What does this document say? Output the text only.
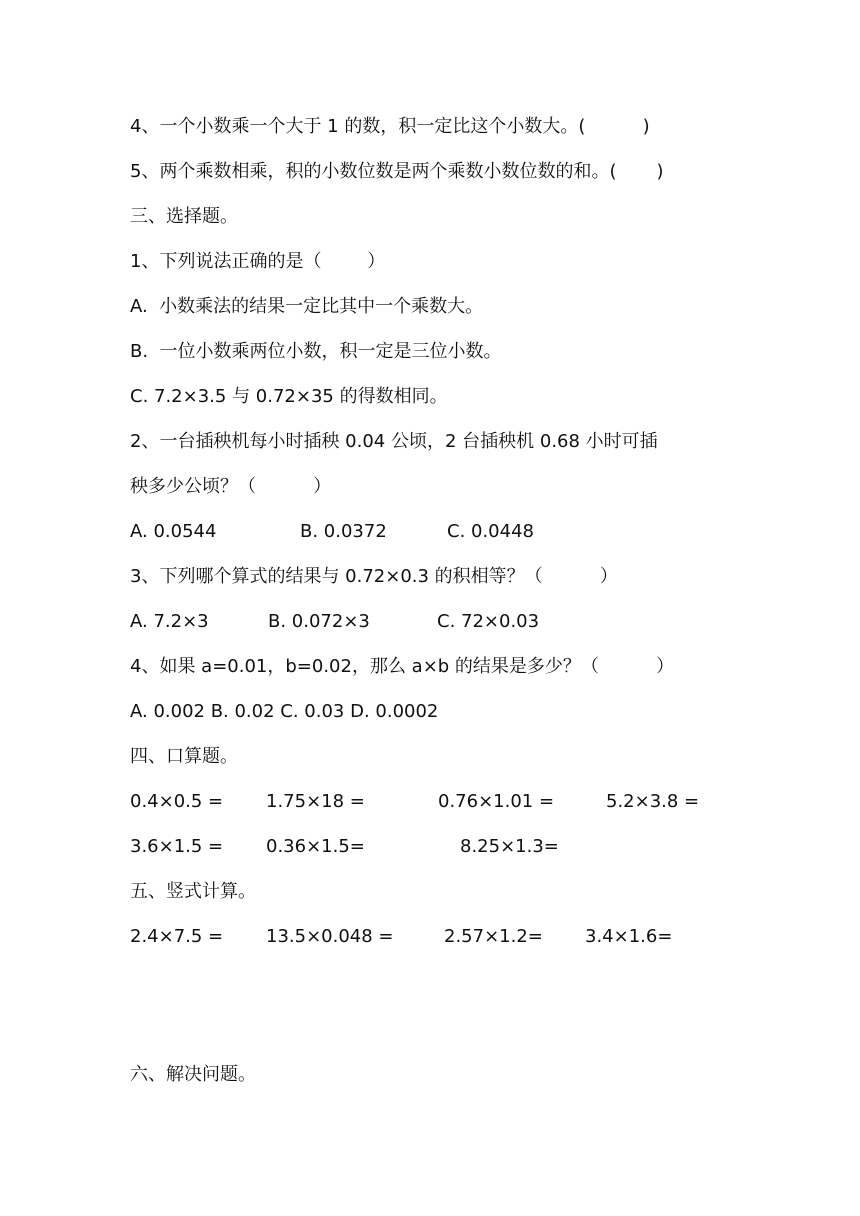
4、一个小数乘一个大于 1 的数，积一定比这个小数大。(          )
5、两个乘数相乘，积的小数位数是两个乘数小数位数的和。(       )
三、选择题。
1、下列说法正确的是（        ）
A.  小数乘法的结果一定比其中一个乘数大。
B.  一位小数乘两位小数，积一定是三位小数。
C. 7.2×3.5 与 0.72×35 的得数相同。
2、一台插秧机每小时插秧 0.04 公顷，2 台插秧机 0.68 小时可插
秧多少公顷？（          ）
A. 0.0544	B. 0.0372	C. 0.0448
3、下列哪个算式的结果与 0.72×0.3 的积相等？（          ）
A. 7.2×3	B. 0.072×3	C. 72×0.03
4、如果 a=0.01，b=0.02，那么 a×b 的结果是多少？（          ）
A. 0.002 B. 0.02 C. 0.03 D. 0.0002
四、口算题。
0.4×0.5 = 1.75×18 =	0.76×1.01 =	5.2×3.8 =
3.6×1.5 = 0.36×1.5=	8.25×1.3=
五、竖式计算。
2.4×7.5 = 13.5×0.048 =	2.57×1.2= 3.4×1.6=
六、解决问题。
